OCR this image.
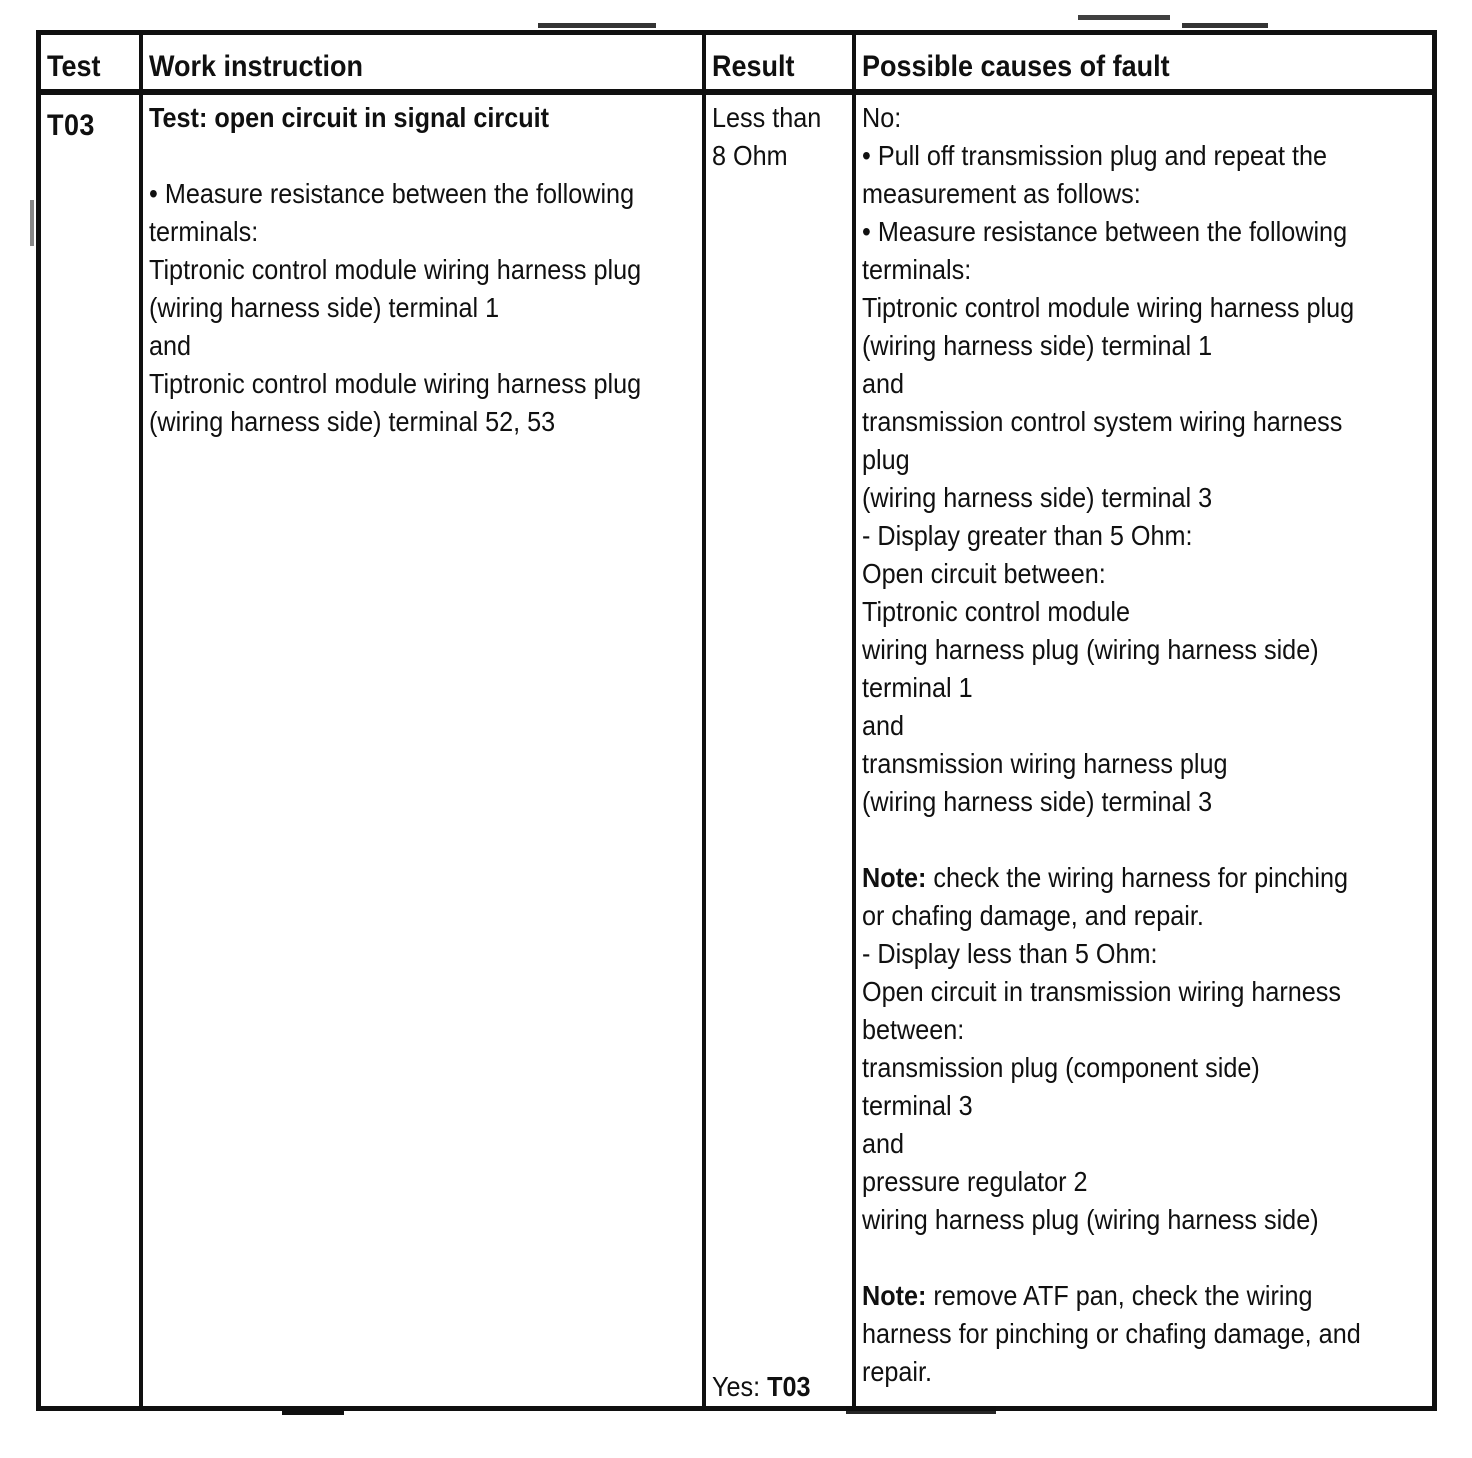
Test Work instruction	Result Possible causes of fault
T03	Test: open circuit in signal circuit

• Measure resistance between the following
terminals:
Tiptronic control module wiring harness plug
(wiring harness side) terminal 1
and
Tiptronic control module wiring harness plug
(wiring harness side) terminal 52, 53
Less than
8 Ohm
Yes: T03
No:
• Pull off transmission plug and repeat the
measurement as follows:
• Measure resistance between the following
terminals:
Tiptronic control module wiring harness plug
(wiring harness side) terminal 1
and
transmission control system wiring harness
plug
(wiring harness side) terminal 3
- Display greater than 5 Ohm:
Open circuit between:
Tiptronic control module
wiring harness plug (wiring harness side)
terminal 1
and
transmission wiring harness plug
(wiring harness side) terminal 3

Note: check the wiring harness for pinching
or chafing damage, and repair.
- Display less than 5 Ohm:
Open circuit in transmission wiring harness
between:
transmission plug (component side)
terminal 3
and
pressure regulator 2
wiring harness plug (wiring harness side)

Note: remove ATF pan, check the wiring
harness for pinching or chafing damage, and
repair.
